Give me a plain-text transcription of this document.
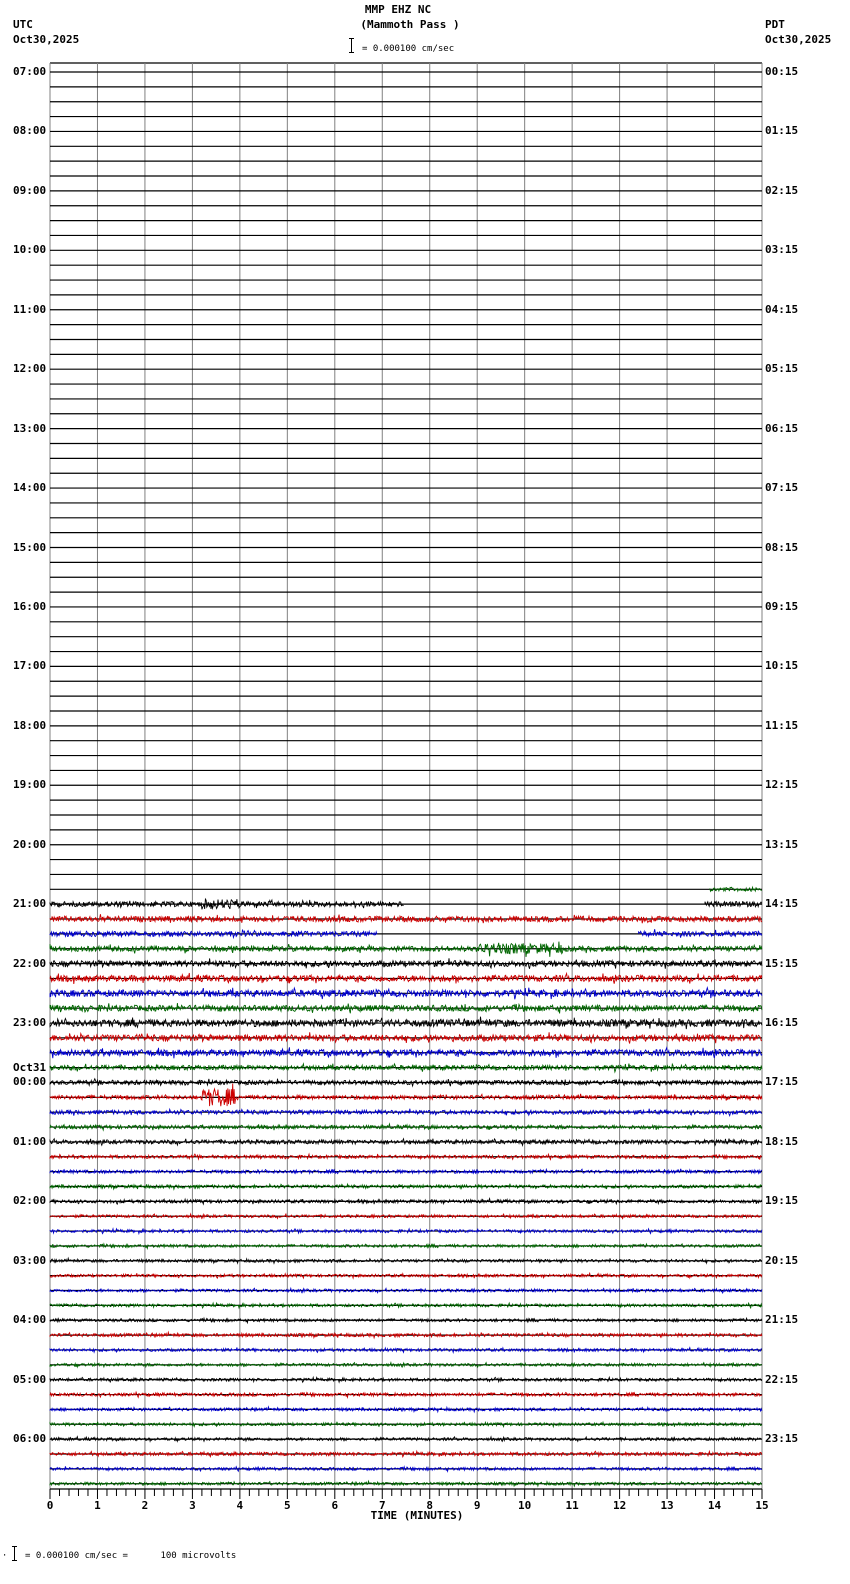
MMP EHZ NC
(Mammoth Pass )
UTC
Oct30,2025
PDT
Oct30,2025
= 0.000100 cm/sec
0	1	2	3	4	5	6	7	8	9	10	11	12	13	14	15
07:00
08:00
09:00
10:00
11:00
12:00
13:00
14:00
15:00
16:00
17:00
18:00
19:00
20:00
21:00
22:00
23:00
00:00
Oct31
01:00
02:00
03:00
04:00
05:00
06:00
00:15
01:15
02:15
03:15
04:15
05:15
06:15
07:15
08:15
09:15
10:15
11:15
12:15
13:15
14:15
15:15
16:15
17:15
18:15
19:15
20:15
21:15
22:15
23:15
TIME (MINUTES)
⋅ = 0.000100 cm/sec =      100 microvolts
